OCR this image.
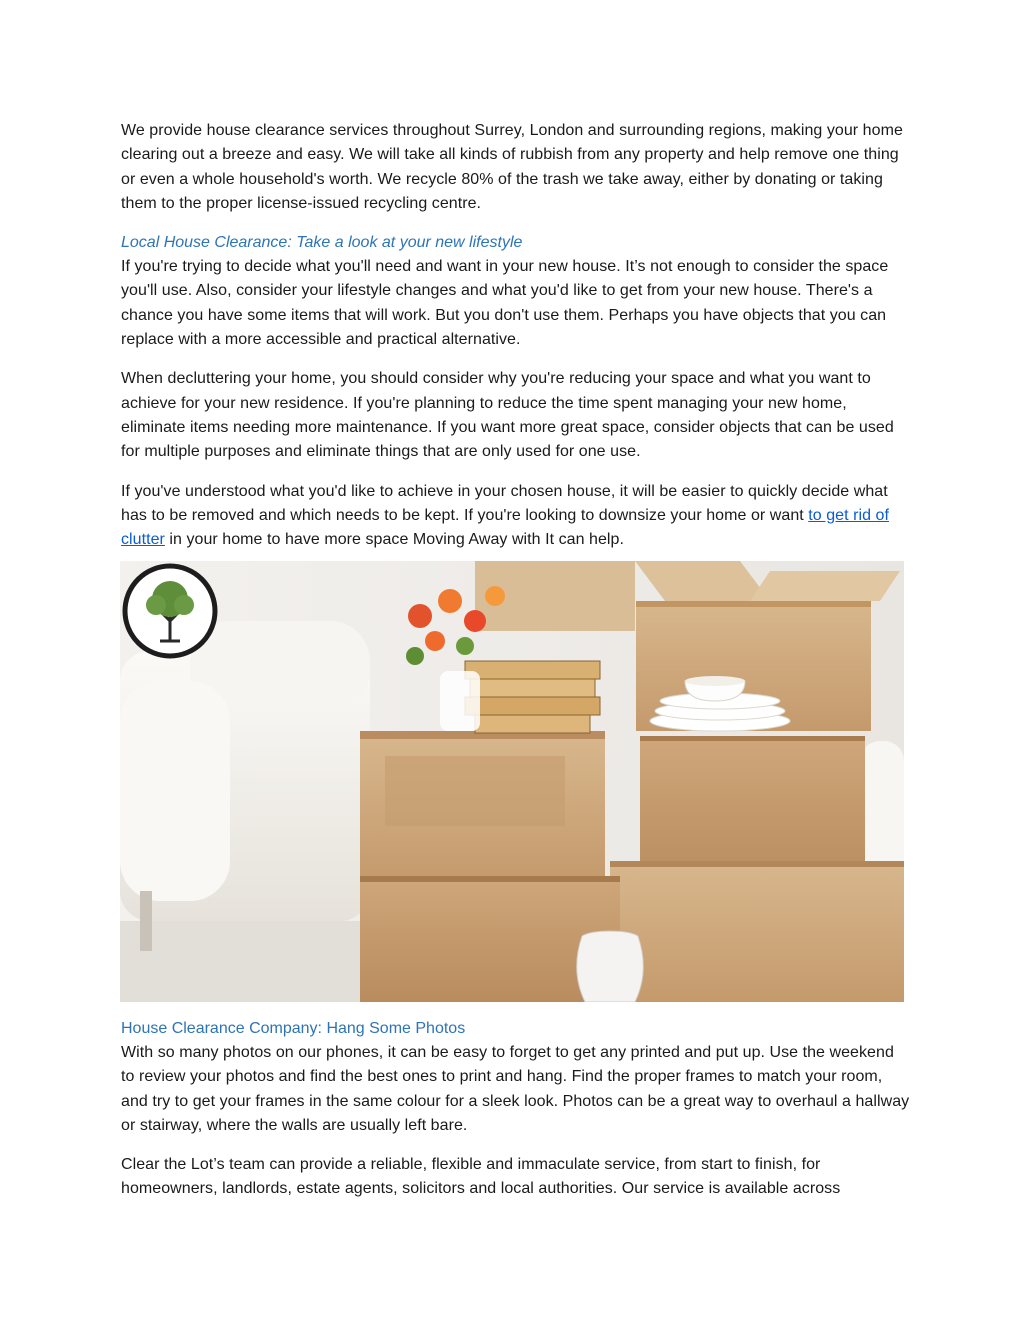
We provide house clearance services throughout Surrey, London and surrounding regions, making your home clearing out a breeze and easy. We will take all kinds of rubbish from any property and help remove one thing or even a whole household's worth. We recycle 80% of the trash we take away, either by donating or taking them to the proper license-issued recycling centre.

Local House Clearance: Take a look at your new lifestyle

If you're trying to decide what you'll need and want in your new house. It’s not enough to consider the space you'll use. Also, consider your lifestyle changes and what you'd like to get from your new house. There's a chance you have some items that will work. But you don't use them. Perhaps you have objects that you can replace with a more accessible and practical alternative.

When decluttering your home, you should consider why you're reducing your space and what you want to achieve for your new residence. If you're planning to reduce the time spent managing your new home, eliminate items needing more maintenance. If you want more great space, consider objects that can be used for multiple purposes and eliminate things that are only used for one use.

If you've understood what you'd like to achieve in your chosen house, it will be easier to quickly decide what has to be removed and which needs to be kept. If you're looking to downsize your home or want to get rid of clutter in your home to have more space Moving Away with It can help.

House Clearance Company: Hang Some Photos

With so many photos on our phones, it can be easy to forget to get any printed and put up. Use the weekend to review your photos and find the best ones to print and hang. Find the proper frames to match your room, and try to get your frames in the same colour for a sleek look. Photos can be a great way to overhaul a hallway or stairway, where the walls are usually left bare.

Clear the Lot’s team can provide a reliable, flexible and immaculate service, from start to finish, for homeowners, landlords, estate agents, solicitors and local authorities. Our service is available across
